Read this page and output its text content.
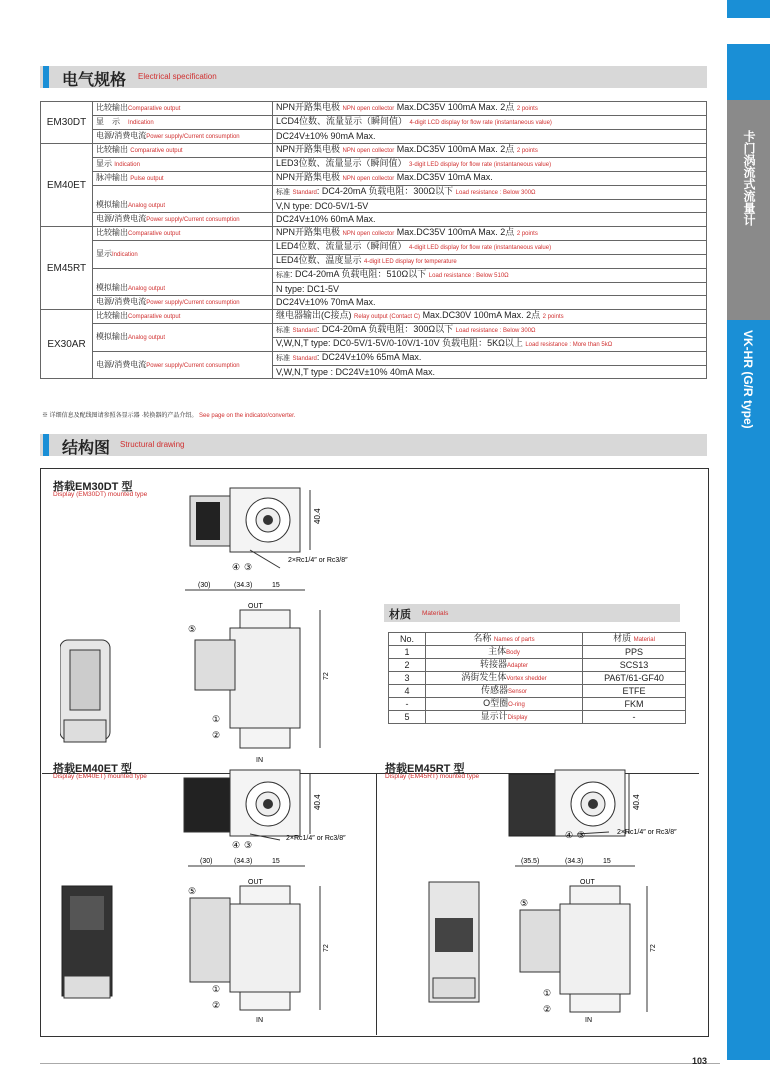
卡门涡流式流量计
VK-HR (G/R type)
电气规格 Electrical specification
EM30DT	比较输出Comparative output	NPN开路集电极 NPN open collector Max.DC35V 100mA Max. 2点 2 points
	显　示　 Indication	LCD4位数、流量显示（瞬间值） 4-digit LCD display for flow rate (instantaneous value)
	电源/消费电流Power supply/Current consumption	DC24V±10% 90mA Max.
EM40ET	比较输出 Comparative output	NPN开路集电极 NPN open collector Max.DC35V 100mA Max. 2点 2 points
	显示 Indication	LED3位数、流量显示（瞬间值） 3-digit LED display for flow rate (instantaneous value)
	脉冲输出 Pulse output	NPN开路集电极 NPN open collector Max.DC35V 10mA Max.
	模拟输出Analog output	标准 Standard: DC4-20mA 负载电阻：300Ω以下 Load resistance : Below 300Ω
		V,N type: DC0-5V/1-5V
	电源/消费电流Power supply/Current consumption	DC24V±10% 60mA Max.
EM45RT	比较输出Comparative output	NPN开路集电极 NPN open collector Max.DC35V 100mA Max. 2点 2 points
	显示Indication	LED4位数、流量显示（瞬间值） 4-digit LED display for flow rate (instantaneous value)
		LED4位数、温度显示 4-digit LED display for temperature
	模拟输出Analog output	标准: DC4-20mA 负载电阻：510Ω以下 Load resistance : Below 510Ω
		N type: DC1-5V
	电源/消费电流Power supply/Current consumption	DC24V±10% 70mA Max.
EX30AR	比较输出Comparative output	继电器输出(C接点) Relay output (Contact C) Max.DC30V 100mA Max. 2点 2 points
	模拟输出Analog output	标准 Standard: DC4-20mA 负载电阻：300Ω以下 Load resistance : Below 300Ω
		V,W,N,T type: DC0-5V/1-5V/0-10V/1-10V 负载电阻：5KΩ以上 Load resistance : More than 5kΩ
	电源/消费电流Power supply/Current consumption	标准 Standard: DC24V±10% 65mA Max.
		V,W,N,T type : DC24V±10% 40mA Max.
※ 详细信息及配线图请参照各显示器 ·转换器的产品介绍。 See page on the indicator/converter.
结构图 Structural drawing
搭载EM30DT 型
Display (EM30DT) mounted type
40.4
2×Rc1/4″ or Rc3/8″
④ ③
(30)	(34.3)	15
OUT
72
IN
⑤
①
②
材质 Materials
No.	名称 Names of parts	材质 Material
1	主体Body	PPS
2	转接器Adapter	SCS13
3	涡街发生体Vortex shedder	PA6T/61-GF40
4	传感器Sensor	ETFE
-	O型圈O-ring	FKM
5	显示计Display	-
搭载EM40ET 型
Display (EM40ET) mounted type
40.4
2×Rc1/4″ or Rc3/8″
④ ③
(30)	(34.3)	15
OUT
72
IN
⑤
①
②
搭载EM45RT 型
Display (EM45RT) mounted type
40.4
2×Rc1/4″ or Rc3/8″
④ ③
(35.5)	(34.3)	15
OUT
72
IN
⑤
①
②
103
